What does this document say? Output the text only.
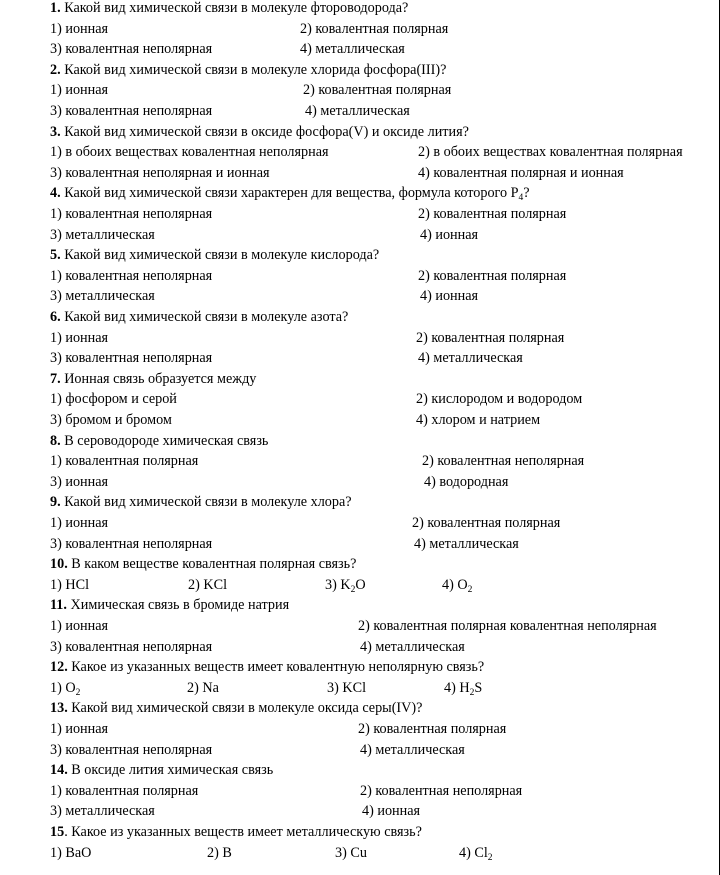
1. Какой вид химической связи в молекуле фтороводорода?
1) ионная	2) ковалентная полярная
3) ковалентная неполярная	4) металлическая
2. Какой вид химической связи в молекуле хлорида фосфора(III)?
1) ионная	2) ковалентная полярная
3) ковалентная неполярная	4) металлическая
3. Какой вид химической связи в оксиде фосфора(V) и оксиде лития?
1) в обоих веществах ковалентная неполярная	2) в обоих веществах ковалентная полярная
3) ковалентная неполярная и ионная	4) ковалентная полярная и ионная
4. Какой вид химической связи характерен для вещества, формула которого $P_4$?
1) ковалентная неполярная	2) ковалентная полярная
3) металлическая	4) ионная
5. Какой вид химической связи в молекуле кислорода?
1) ковалентная неполярная	2) ковалентная полярная
3) металлическая	4) ионная
6. Какой вид химической связи в молекуле азота?
1) ионная	2) ковалентная полярная
3) ковалентная неполярная	4) металлическая
7. Ионная связь образуется между
1) фосфором и серой	2) кислородом и водородом
3) бромом и бромом	4) хлором и натрием
8. В сероводороде химическая связь
1) ковалентная полярная	2) ковалентная неполярная
3) ионная	4) водородная
9. Какой вид химической связи в молекуле хлора?
1) ионная	2) ковалентная полярная
3) ковалентная неполярная	4) металлическая
10. В каком веществе ковалентная полярная связь?
1) HCl	2) KCl	3) $K_2O$	4) $O_2$
11. Химическая связь в бромиде натрия
1) ионная	2) ковалентная полярная ковалентная неполярная
3) ковалентная неполярная	4) металлическая
12. Какое из указанных веществ имеет ковалентную неполярную связь?
1) $O_2$	2) Na	3) KCl	4) $H_2S$
13. Какой вид химической связи в молекуле оксида серы(IV)?
1) ионная	2) ковалентная полярная
3) ковалентная неполярная	4) металлическая
14. В оксиде лития химическая связь
1) ковалентная полярная	2) ковалентная неполярная
3) металлическая	4) ионная
15. Какое из указанных веществ имеет металлическую связь?
1) BaO	2) B	3) Cu	4) $Cl_2$
